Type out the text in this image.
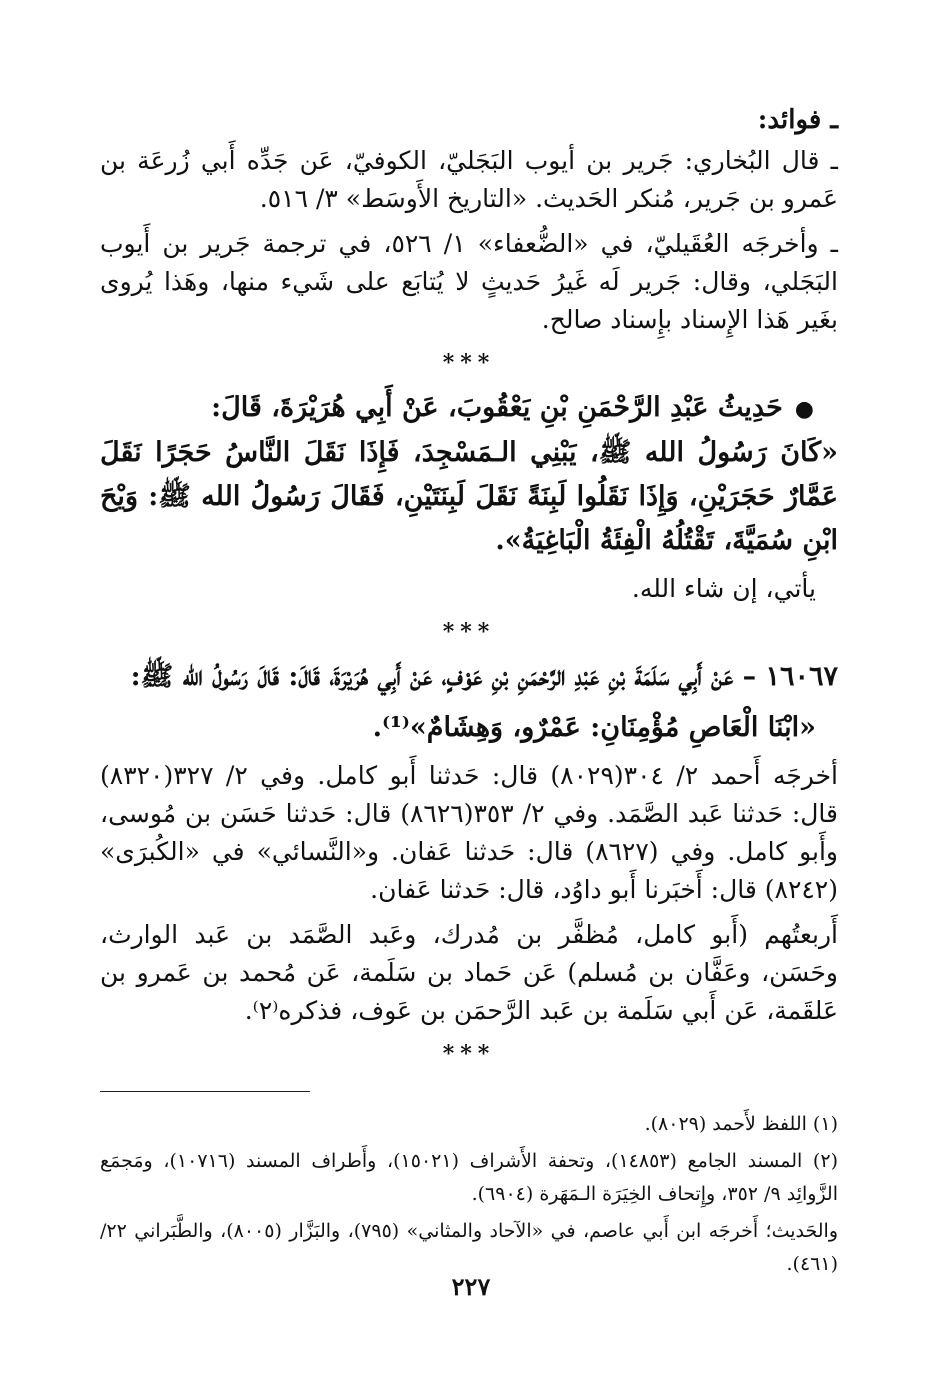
ـ فوائد:

ـ قال البُخاري: جَرير بن أيوب البَجَليّ، الكوفيّ، عَن جَدِّه أَبي زُرعَة بن عَمرو بن جَرير، مُنكر الحَديث. «التاريخ الأَوسَط» ٣/ ٥١٦.

ـ وأخرجَه العُقَيليّ، في «الضُّعفاء» ١/ ٥٢٦، في ترجمة جَرير بن أَيوب البَجَلي، وقال: جَرير لَه غَيرُ حَديثٍ لا يُتابَع على شَيء منها، وهَذا يُروى بغَير هَذا الإِسناد بإِسناد صالح.

***
●حَدِيثُ عَبْدِ الرَّحْمَنِ بْنِ يَعْقُوبَ، عَنْ أَبِي هُرَيْرَةَ، قَالَ:

«كَانَ رَسُولُ الله ﷺ، يَبْنِي الـمَسْجِدَ، فَإِذَا نَقَلَ النَّاسُ حَجَرًا نَقَلَ عَمَّارٌ حَجَرَيْنِ، وَإِذَا نَقَلُوا لَبِنَةً نَقَلَ لَبِنَتَيْنِ، فَقَالَ رَسُولُ الله ﷺ: وَيْحَ ابْنِ سُمَيَّةَ، تَقْتُلُهُ الْفِئَةُ الْبَاغِيَةُ».

يأتي، إن شاء الله.

***

١٦٠٦٧ – عَنْ أَبِي سَلَمَةَ بْنِ عَبْدِ الرَّحْمَنِ بْنِ عَوْفٍ، عَنْ أَبِي هُرَيْرَةَ، قَالَ: قَالَ رَسُولُ الله ﷺ:

«ابْنَا الْعَاصِ مُؤْمِنَانِ: عَمْرٌو، وَهِشَامٌ»⁽¹⁾.

أخرجَه أَحمد ٢/ ٣٠٤(٨٠٢٩) قال: حَدثنا أَبو كامل. وفي ٢/ ٣٢٧(٨٣٢٠) قال: حَدثنا عَبد الصَّمَد. وفي ٢/ ٣٥٣(٨٦٢٦) قال: حَدثنا حَسَن بن مُوسى، وأَبو كامل. وفي (٨٦٢٧) قال: حَدثنا عَفان. و«النَّسائي» في «الكُبرَى» (٨٢٤٢) قال: أَخبَرنا أَبو داوُد، قال: حَدثنا عَفان.

أَربعتُهم (أَبو كامل، مُظفَّر بن مُدرك، وعَبد الصَّمَد بن عَبد الوارث، وحَسَن، وعَفَّان بن مُسلم) عَن حَماد بن سَلَمة، عَن مُحمد بن عَمرو بن عَلقَمة، عَن أَبي سَلَمة بن عَبد الرَّحمَن بن عَوف، فذكره⁽٢⁾.

***

(١) اللفظ لأَحمد (٨٠٢٩).

(٢) المسند الجامع (١٤٨٥٣)، وتحفة الأَشراف (١٥٠٢١)، وأَطراف المسند (١٠٧١٦)، ومَجمَع الزَّوائِد ٩/ ٣٥٢، وإِتحاف الخِيَرَة الـمَهَرة (٦٩٠٤).

والحَديث؛ أَخرجَه ابن أَبي عاصم، في «الآحاد والمثاني» (٧٩٥)، والبَزَّار (٨٠٠٥)، والطَّبَراني ٢٢/ (٤٦١).

٢٢٧
